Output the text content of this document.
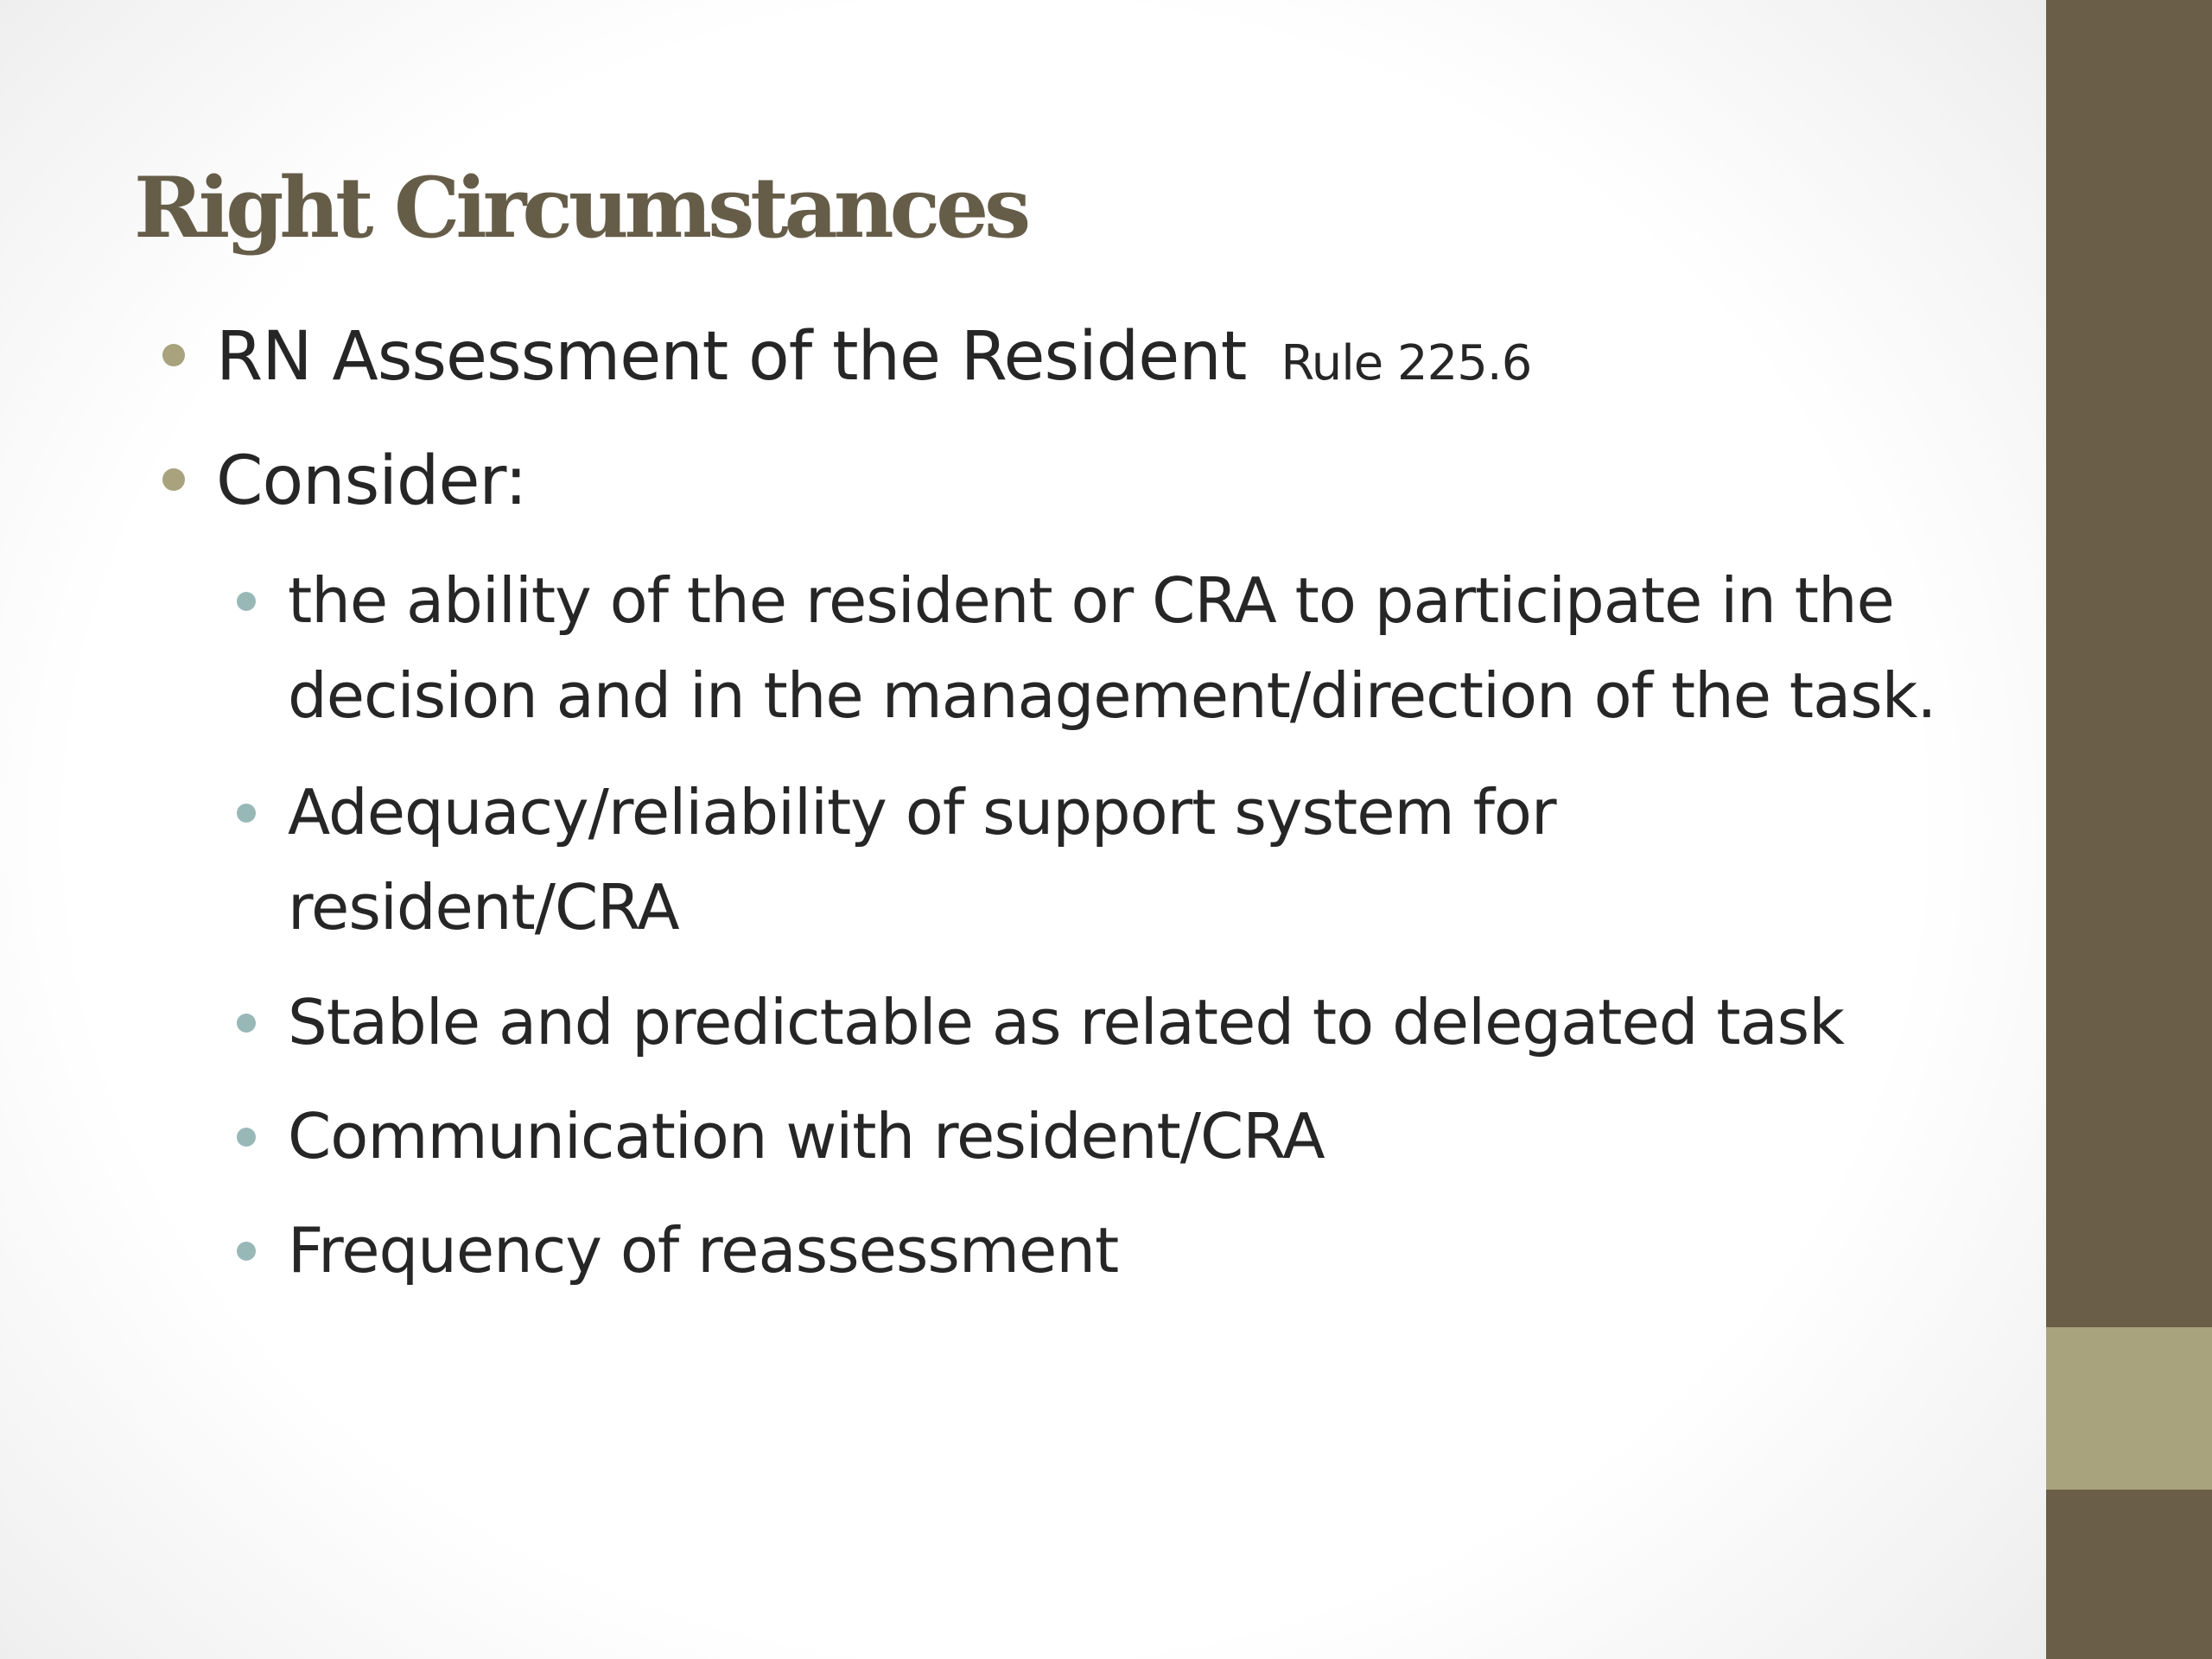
Right Circumstances
RN Assessment of the Resident Rule 225.6
Consider:
the ability of the resident or CRA to participate in the
decision and in the management/direction of the task.
Adequacy/reliability of support system for
resident/CRA
Stable and predictable as related to delegated task
Communication with resident/CRA
Frequency of reassessment
